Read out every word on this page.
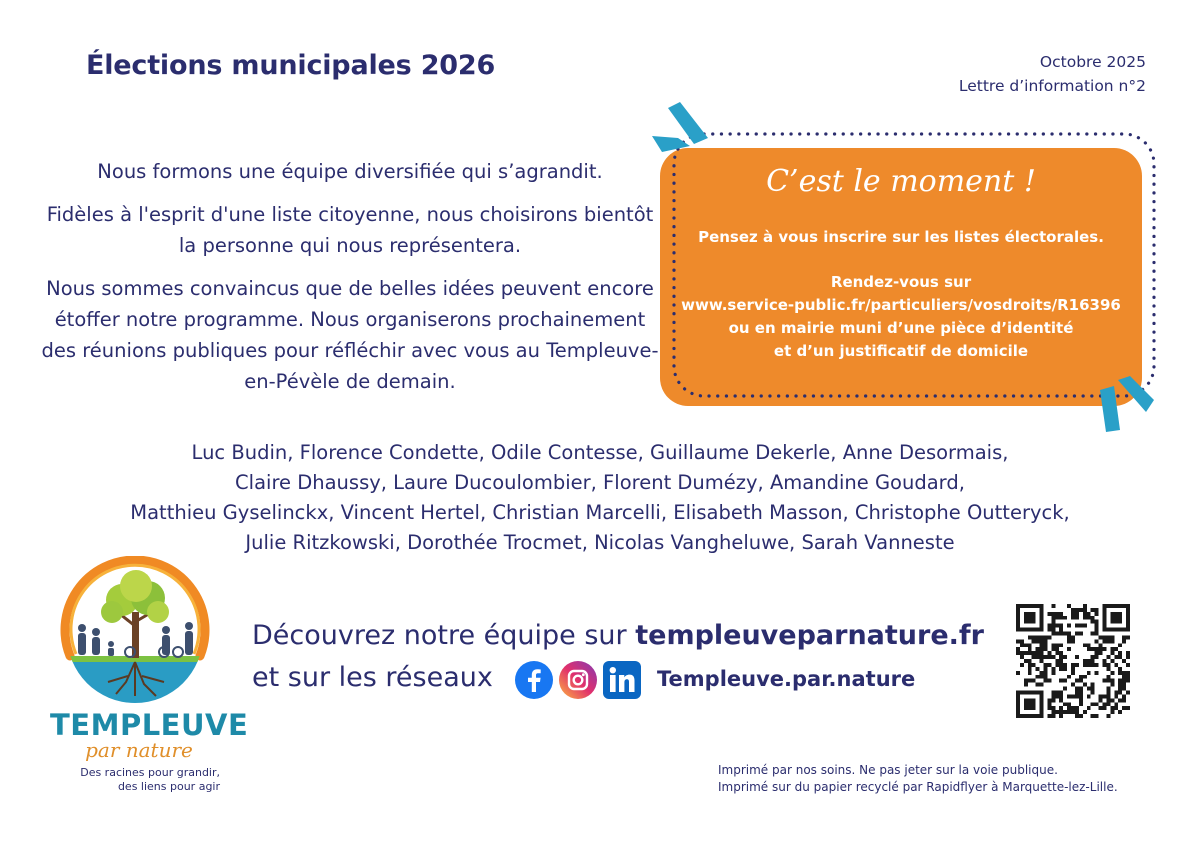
Élections municipales 2026	Octobre 2025
Lettre d’information n°2

Nous formons une équipe diversifiée qui s’agrandit.

Fidèles à l'esprit d'une liste citoyenne, nous choisirons bientôt la personne qui nous représentera.

Nous sommes convaincus que de belles idées peuvent encore étoffer notre programme. Nous organiserons prochainement des réunions publiques pour réfléchir avec vous au Templeuve-en-Pévèle de demain.

C’est le moment !
Pensez à vous inscrire sur les listes électorales.
Rendez-vous sur
www.service-public.fr/particuliers/vosdroits/R16396
ou en mairie muni d’une pièce d’identité
et d’un justificatif de domicile
Luc Budin, Florence Condette, Odile Contesse, Guillaume Dekerle, Anne Desormais,
Claire Dhaussy, Laure Ducoulombier, Florent Dumézy, Amandine Goudard,
Matthieu Gyselinckx, Vincent Hertel, Christian Marcelli, Elisabeth Masson, Christophe Outteryck,
Julie Ritzkowski, Dorothée Trocmet, Nicolas Vangheluwe, Sarah Vanneste
TEMPLEUVE
par nature
Des racines pour grandir,
des liens pour agir
Découvrez notre équipe sur templeuveparnature.fr
et sur les réseaux	Templeuve.par.nature
Imprimé par nos soins. Ne pas jeter sur la voie publique.
Imprimé sur du papier recyclé par Rapidflyer à Marquette-lez-Lille.
